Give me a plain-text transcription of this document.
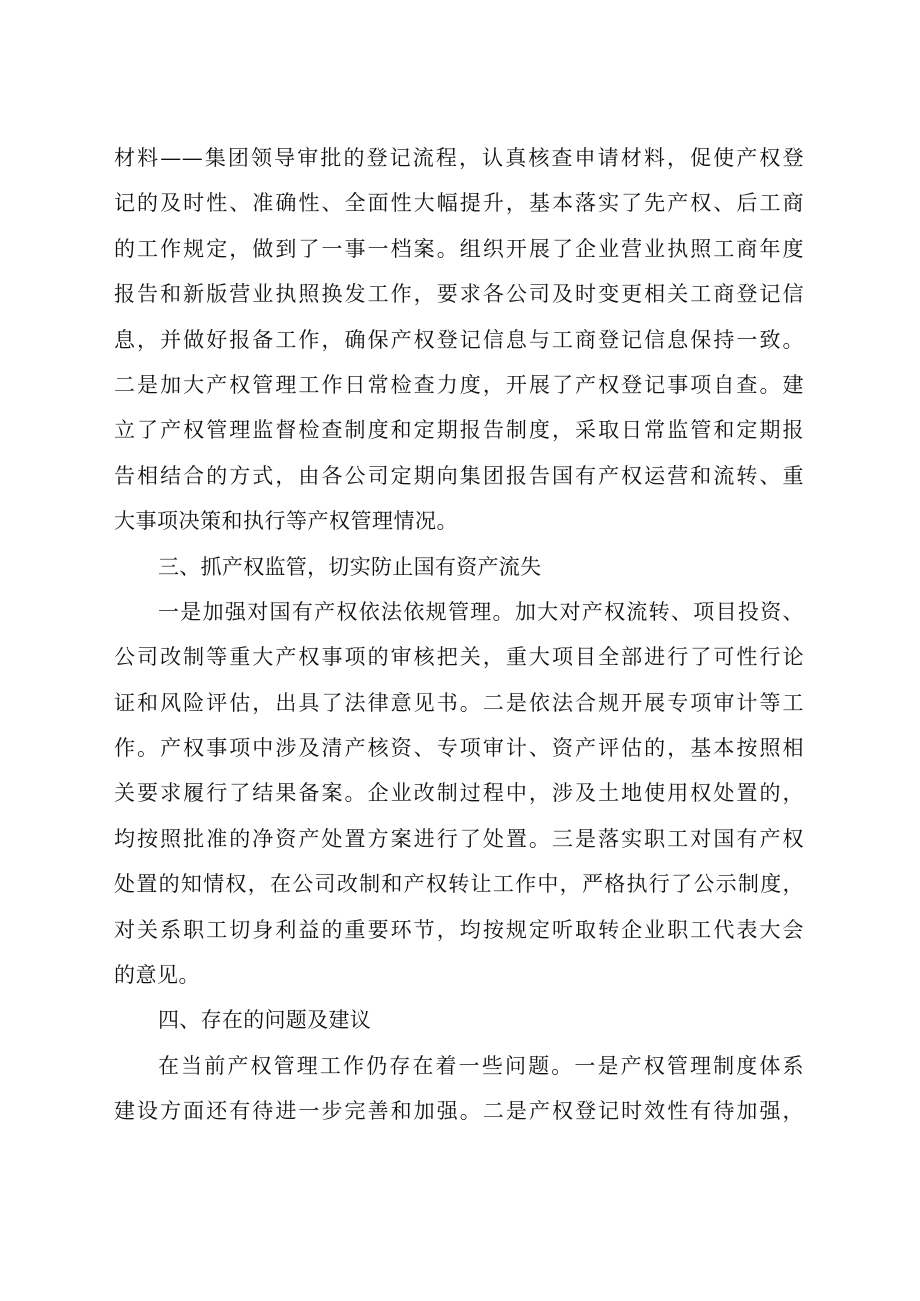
材料——集团领导审批的登记流程，认真核查申请材料，促使产权登
记的及时性、准确性、全面性大幅提升，基本落实了先产权、后工商
的工作规定，做到了一事一档案。组织开展了企业营业执照工商年度
报告和新版营业执照换发工作，要求各公司及时变更相关工商登记信
息，并做好报备工作，确保产权登记信息与工商登记信息保持一致。
二是加大产权管理工作日常检查力度，开展了产权登记事项自查。建
立了产权管理监督检查制度和定期报告制度，采取日常监管和定期报
告相结合的方式，由各公司定期向集团报告国有产权运营和流转、重
大事项决策和执行等产权管理情况。
三、抓产权监管，切实防止国有资产流失
一是加强对国有产权依法依规管理。加大对产权流转、项目投资、
公司改制等重大产权事项的审核把关，重大项目全部进行了可性行论
证和风险评估，出具了法律意见书。二是依法合规开展专项审计等工
作。产权事项中涉及清产核资、专项审计、资产评估的，基本按照相
关要求履行了结果备案。企业改制过程中，涉及土地使用权处置的，
均按照批准的净资产处置方案进行了处置。三是落实职工对国有产权
处置的知情权，在公司改制和产权转让工作中，严格执行了公示制度，
对关系职工切身利益的重要环节，均按规定听取转企业职工代表大会
的意见。
四、存在的问题及建议
在当前产权管理工作仍存在着一些问题。一是产权管理制度体系
建设方面还有待进一步完善和加强。二是产权登记时效性有待加强，
